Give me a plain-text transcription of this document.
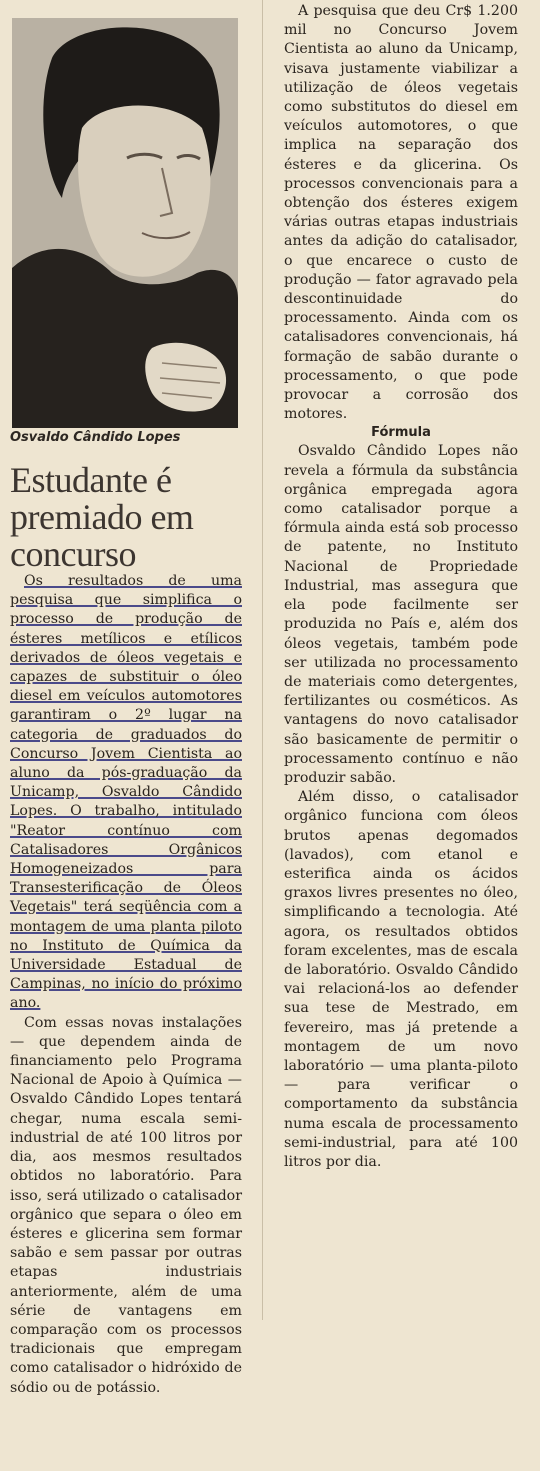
Osvaldo Cândido Lopes
Estudante é premiado em concurso

Os resultados de uma pesquisa que simplifica o processo de produção de ésteres metílicos e etílicos derivados de óleos vegetais e capazes de substituir o óleo diesel em veículos automotores garantiram o 2º lugar na categoria de graduados do Concurso Jovem Cientista ao aluno da pós-graduação da Unicamp, Osvaldo Cândido Lopes. O trabalho, intitulado "Reator contínuo com Catalisadores Orgânicos Homogeneizados para Transesterificação de Óleos Vegetais" terá seqüência com a montagem de uma planta piloto no Instituto de Química da Universidade Estadual de Campinas, no início do próximo ano.

Com essas novas instalações — que dependem ainda de financiamento pelo Programa Nacional de Apoio à Química — Osvaldo Cândido Lopes tentará chegar, numa escala semi-industrial de até 100 litros por dia, aos mesmos resultados obtidos no laboratório. Para isso, será utilizado o catalisador orgânico que separa o óleo em ésteres e glicerina sem formar sabão e sem passar por outras etapas industriais anteriormente, além de uma série de vantagens em comparação com os processos tradicionais que empregam como catalisador o hidróxido de sódio ou de potássio.

A pesquisa que deu Cr$ 1.200 mil no Concurso Jovem Cientista ao aluno da Unicamp, visava justamente viabilizar a utilização de óleos vegetais como substitutos do diesel em veículos automotores, o que implica na separação dos ésteres e da glicerina. Os processos convencionais para a obtenção dos ésteres exigem várias outras etapas industriais antes da adição do catalisador, o que encarece o custo de produção — fator agravado pela descontinuidade do processamento. Ainda com os catalisadores convencionais, há formação de sabão durante o processamento, o que pode provocar a corrosão dos motores.

Fórmula

Osvaldo Cândido Lopes não revela a fórmula da substância orgânica empregada agora como catalisador porque a fórmula ainda está sob processo de patente, no Instituto Nacional de Propriedade Industrial, mas assegura que ela pode facilmente ser produzida no País e, além dos óleos vegetais, também pode ser utilizada no processamento de materiais como detergentes, fertilizantes ou cosméticos. As vantagens do novo catalisador são basicamente de permitir o processamento contínuo e não produzir sabão.

Além disso, o catalisador orgânico funciona com óleos brutos apenas degomados (lavados), com etanol e esterifica ainda os ácidos graxos livres presentes no óleo, simplificando a tecnologia. Até agora, os resultados obtidos foram excelentes, mas de escala de laboratório. Osvaldo Cândido vai relacioná-los ao defender sua tese de Mestrado, em fevereiro, mas já pretende a montagem de um novo laboratório — uma planta-piloto — para verificar o comportamento da substância numa escala de processamento semi-industrial, para até 100 litros por dia.
